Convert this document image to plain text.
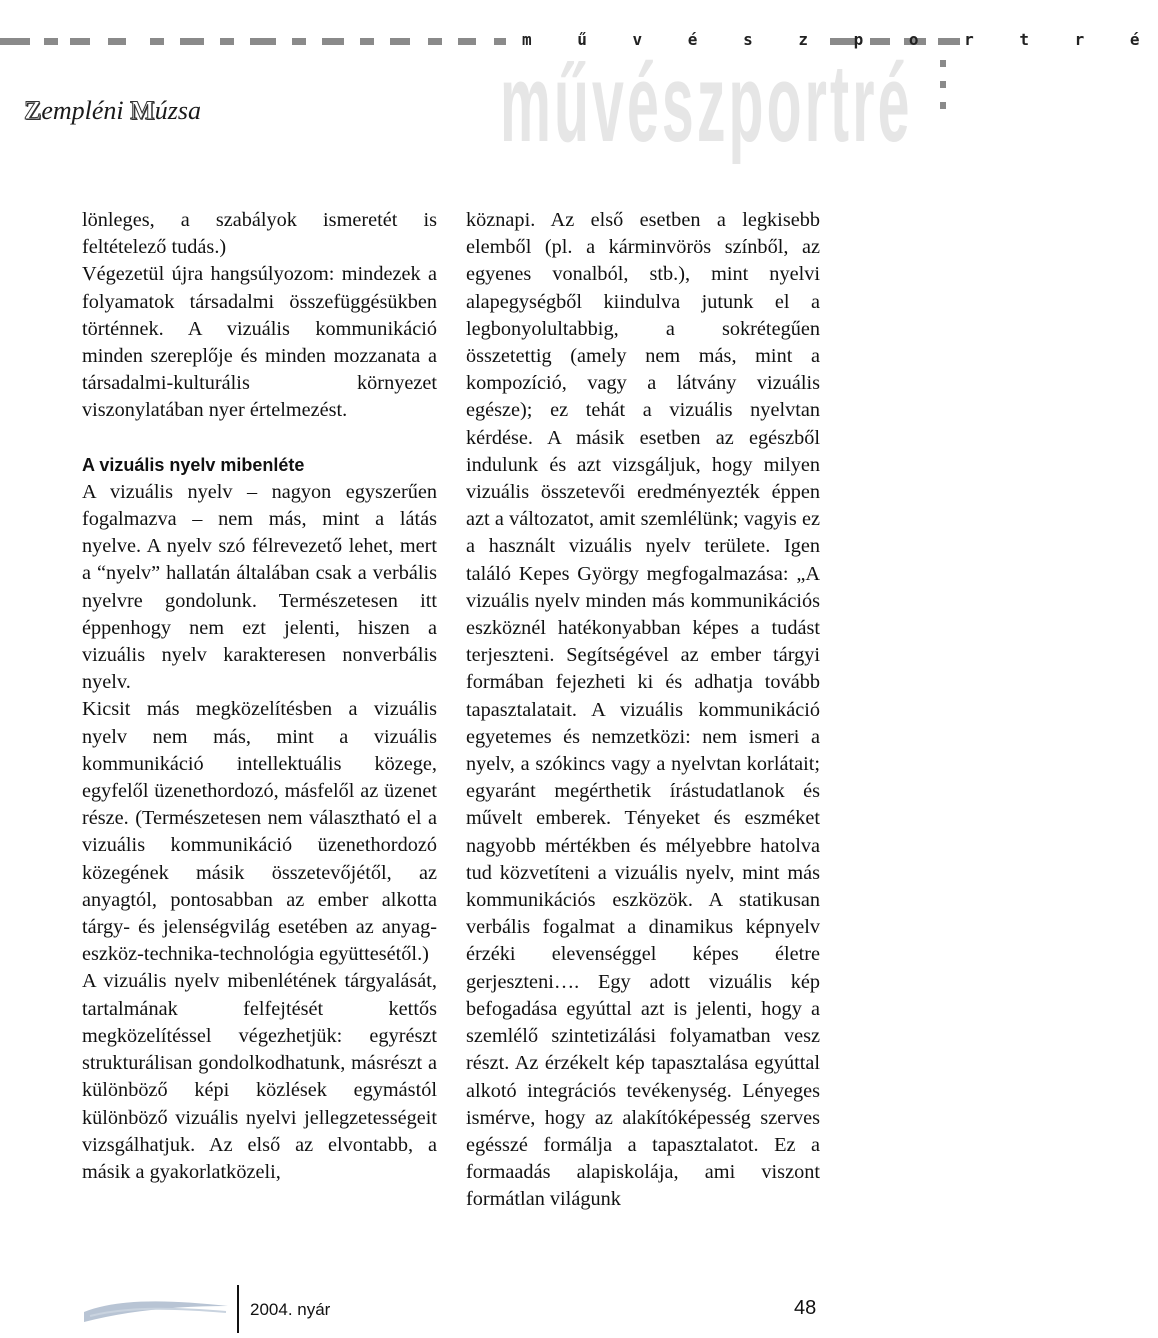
művészportré
m ű v é s z p o r t r é
Zempléni Múzsa

lönleges, a szabályok ismeretét is feltételező tudás.)

Végezetül újra hangsúlyozom: mindezek a folyamatok társadalmi összefüggésükben történnek. A vizuális kommunikáció minden szereplője és minden mozzanata a társadalmi-kulturális környezet viszonylatában nyer értelmezést.

A vizuális nyelv mibenléte

A vizuális nyelv – nagyon egyszerűen fogalmazva – nem más, mint a látás nyelve. A nyelv szó félrevezető lehet, mert a “nyelv” hallatán általában csak a verbális nyelvre gondolunk. Természetesen itt éppenhogy nem ezt jelenti, hiszen a vizuális nyelv karakteresen nonverbális nyelv.

Kicsit más megközelítésben a vizuális nyelv nem más, mint a vizuális kommunikáció intellektuális közege, egyfelől üzenethordozó, másfelől az üzenet része. (Természetesen nem választható el a vizuális kommunikáció üzenethordozó közegének másik összetevőjétől, az anyagtól, pontosabban az ember alkotta tárgy- és jelenségvilág esetében az anyag-eszköz-technika-technológia együttesétől.)

A vizuális nyelv mibenlétének tárgyalását, tartalmának felfejtését kettős megközelítéssel végezhetjük: egyrészt strukturálisan gondolkodhatunk, másrészt a különböző képi közlések egymástól különböző vizuális nyelvi jellegzetességeit vizsgálhatjuk. Az első az elvontabb, a másik a gyakorlatközeli,

köznapi. Az első esetben a legkisebb elemből (pl. a kárminvörös színből, az egyenes vonalból, stb.), mint nyelvi alapegységből kiindulva jutunk el a legbonyolultabbig, a sokrétegűen összetettig (amely nem más, mint a kompozíció, vagy a látvány vizuális egésze); ez tehát a vizuális nyelvtan kérdése. A másik esetben az egészből indulunk és azt vizsgáljuk, hogy milyen vizuális összetevői eredményezték éppen azt a változatot, amit szemlélünk; vagyis ez a használt vizuális nyelv területe. Igen találó Kepes György megfogalmazása: „A vizuális nyelv minden más kommunikációs eszköznél hatékonyabban képes a tudást terjeszteni. Segítségével az ember tárgyi formában fejezheti ki és adhatja tovább tapasztalatait. A vizuális kommunikáció egyetemes és nemzetközi: nem ismeri a nyelv, a szókincs vagy a nyelvtan korlátait; egyaránt megérthetik írástudatlanok és művelt emberek. Tényeket és eszméket nagyobb mértékben és mélyebbre hatolva tud közvetíteni a vizuális nyelv, mint más kommunikációs eszközök. A statikusan verbális fogalmat a dinamikus képnyelv érzéki elevenséggel képes életre gerjeszteni…. Egy adott vizuális kép befogadása egyúttal azt is jelenti, hogy a szemlélő szintetizálási folyamatban vesz részt. Az érzékelt kép tapasztalása egyúttal alkotó integrációs tevékenység. Lényeges ismérve, hogy az alakítóképesség szerves egésszé formálja a tapasztalatot. Ez a formaadás alapiskolája, ami viszont formátlan világunk

2004. nyár	48
